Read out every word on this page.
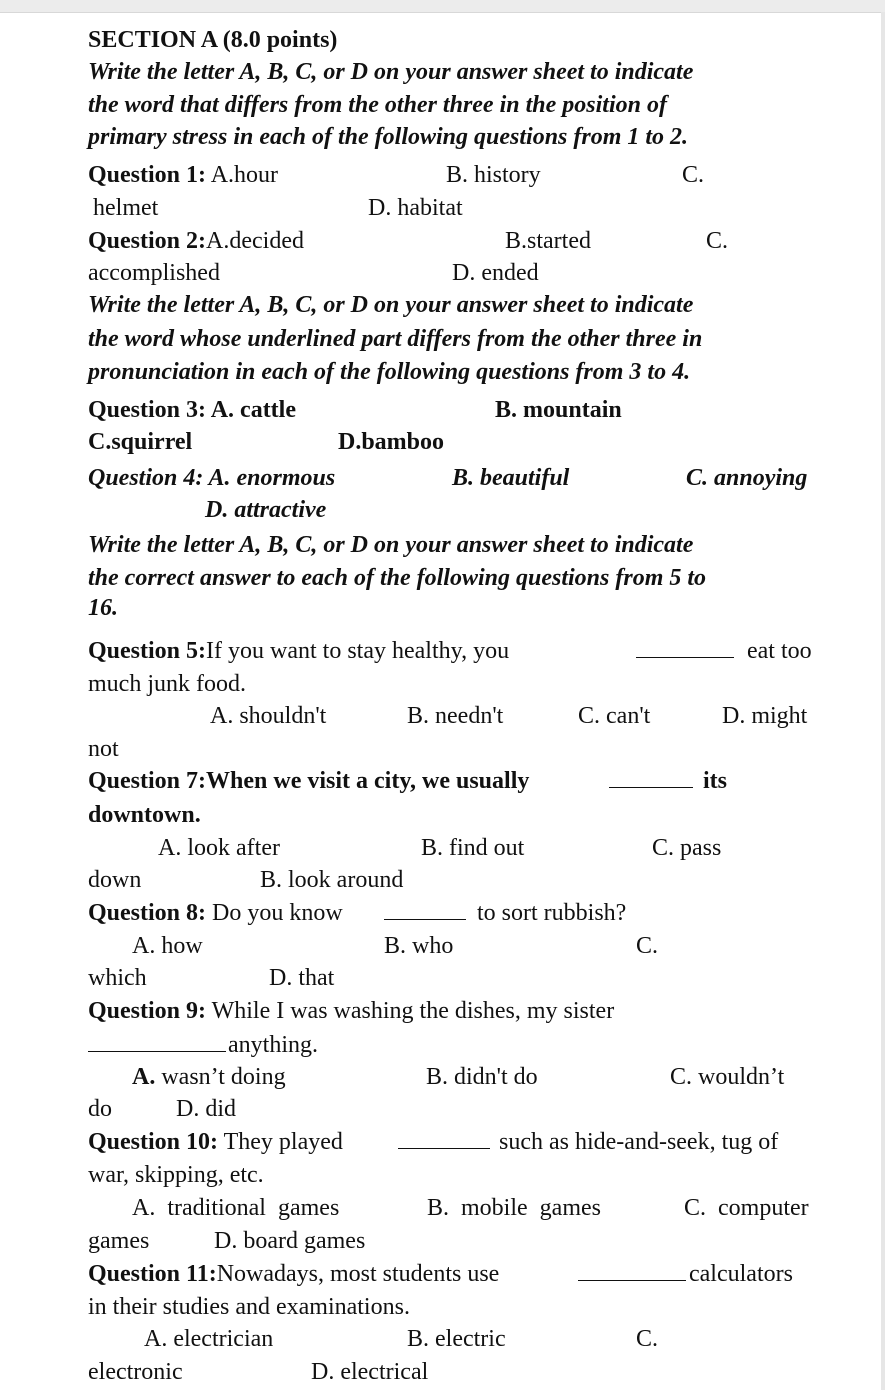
SECTION A (8.0 points)
Write the letter A, B, C, or D on your answer sheet to indicate
the word that differs from the other three in the position of
primary stress in each of the following questions from 1 to 2.
Question 1: A.hour	B. history	C.
helmet	D. habitat
Question 2:A.decided	B.started	C.
accomplished	D. ended
Write the letter A, B, C, or D on your answer sheet to indicate
the word whose underlined part differs from the other three in
pronunciation in each of the following questions from 3 to 4.
Question 3: A. cattle	B. mountain
C.squirrel	D.bamboo
Question 4: A. enormous	B. beautiful	C. annoying
D. attractive
Write the letter A, B, C, or D on your answer sheet to indicate
the correct answer to each of the following questions from 5 to
16.
Question 5:If you want to stay healthy, you	eat too
much junk food.
A. shouldn't	B. needn't	C. can't	D. might
not
Question 7:When we visit a city, we usually	its
downtown.
A. look after	B. find out	C. pass
down	B. look around
Question 8: Do you know	to sort rubbish?
A. how	B. who	C.
which	D. that
Question 9: While I was washing the dishes, my sister
anything.
A. wasn’t doing	B. didn't do	C. wouldn’t
do	D. did
Question 10: They played	such as hide-and-seek, tug of
war, skipping, etc.
A.  traditional  games	B.  mobile  games	C.  computer
games	D. board games
Question 11:Nowadays, most students use	calculators
in their studies and examinations.
A. electrician	B. electric	C.
electronic	D. electrical
